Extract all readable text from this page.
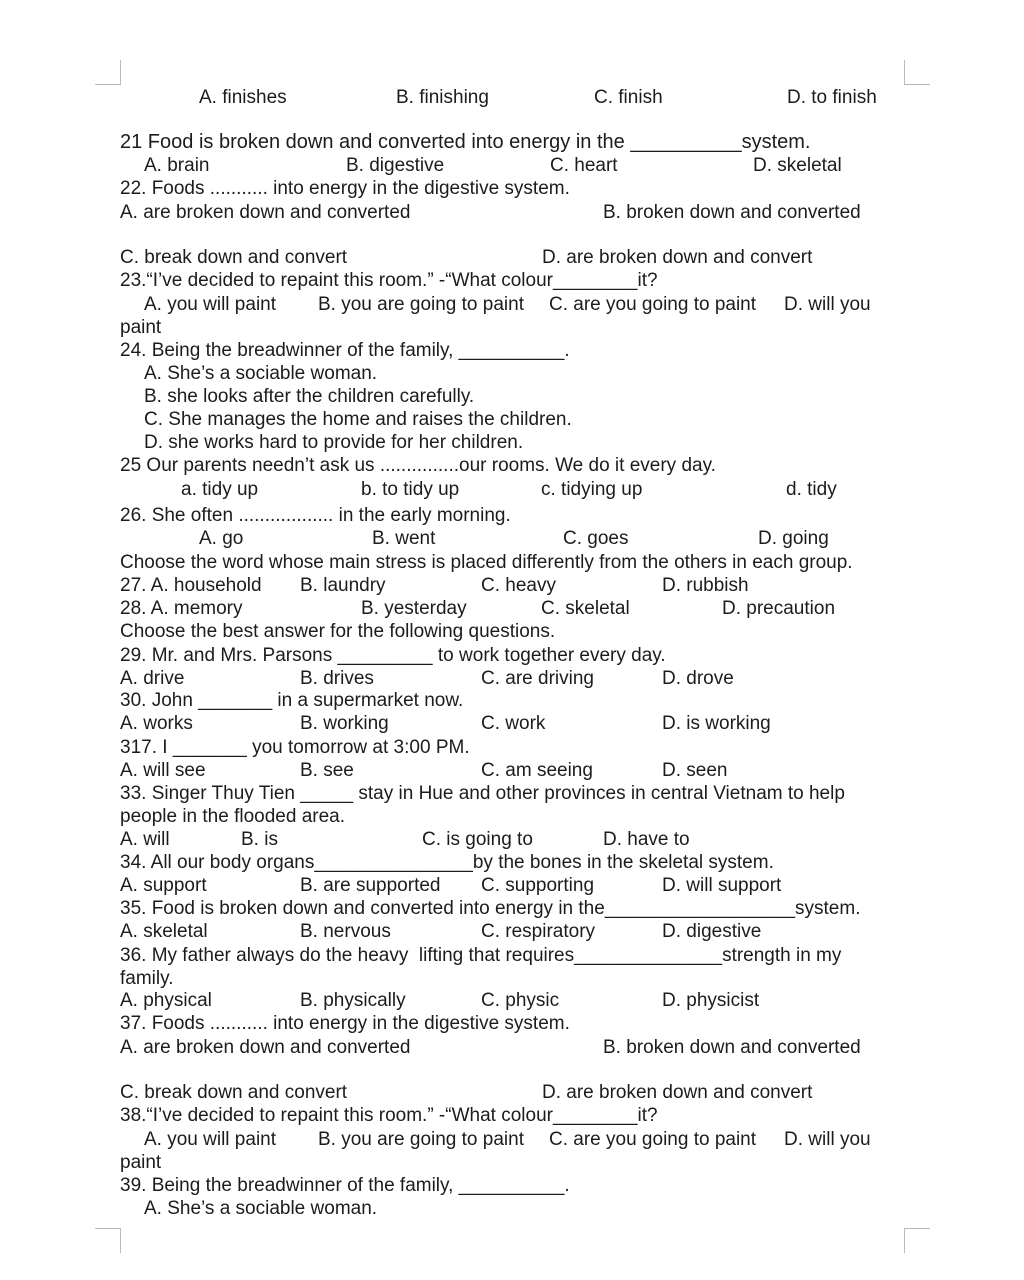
A. finishes	B. finishing	C. finish	D. to finish
21 Food is broken down and converted into energy in the __________system.
A. brain	B. digestive	C. heart	D. skeletal
22. Foods ........... into energy in the digestive system.
A. are broken down and converted	B. broken down and converted
C. break down and convert	D. are broken down and convert
23.“I’ve decided to repaint this room.” -“What colour________it?
A. you will paint B. you are going to paint C. are you going to paint D. will you
paint
24. Being the breadwinner of the family, __________.
A. She’s a sociable woman.
B. she looks after the children carefully.
C. She manages the home and raises the children.
D. she works hard to provide for her children.
25 Our parents needn’t ask us ...............our rooms. We do it every day.
a. tidy up	b. to tidy up	c. tidying up	d. tidy
26. She often .................. in the early morning.
A. go	B. went	C. goes	D. going
Choose the word whose main stress is placed differently from the others in each group.
27. A. household B. laundry	C. heavy	D. rubbish
28. A. memory	B. yesterday	C. skeletal	D. precaution
Choose the best answer for the following questions.
29. Mr. and Mrs. Parsons _________ to work together every day.
A. drive	B. drives	C. are driving	D. drove
30. John _______ in a supermarket now.
A. works	B. working	C. work	D. is working
317. I _______ you tomorrow at 3:00 PM.
A. will see	B. see	C. am seeing	D. seen
33. Singer Thuy Tien _____ stay in Hue and other provinces in central Vietnam to help
people in the flooded area.
A. will	B. is	C. is going to	D. have to
34. All our body organs_______________by the bones in the skeletal system.
A. support	B. are supported C. supporting	D. will support
35. Food is broken down and converted into energy in the__________________system.
A. skeletal	B. nervous	C. respiratory	D. digestive
36. My father always do the heavy  lifting that requires______________strength in my
family.
A. physical	B. physically	C. physic	D. physicist
37. Foods ........... into energy in the digestive system.
A. are broken down and converted	B. broken down and converted
C. break down and convert	D. are broken down and convert
38.“I’ve decided to repaint this room.” -“What colour________it?
A. you will paint B. you are going to paint C. are you going to paint D. will you
paint
39. Being the breadwinner of the family, __________.
A. She’s a sociable woman.
